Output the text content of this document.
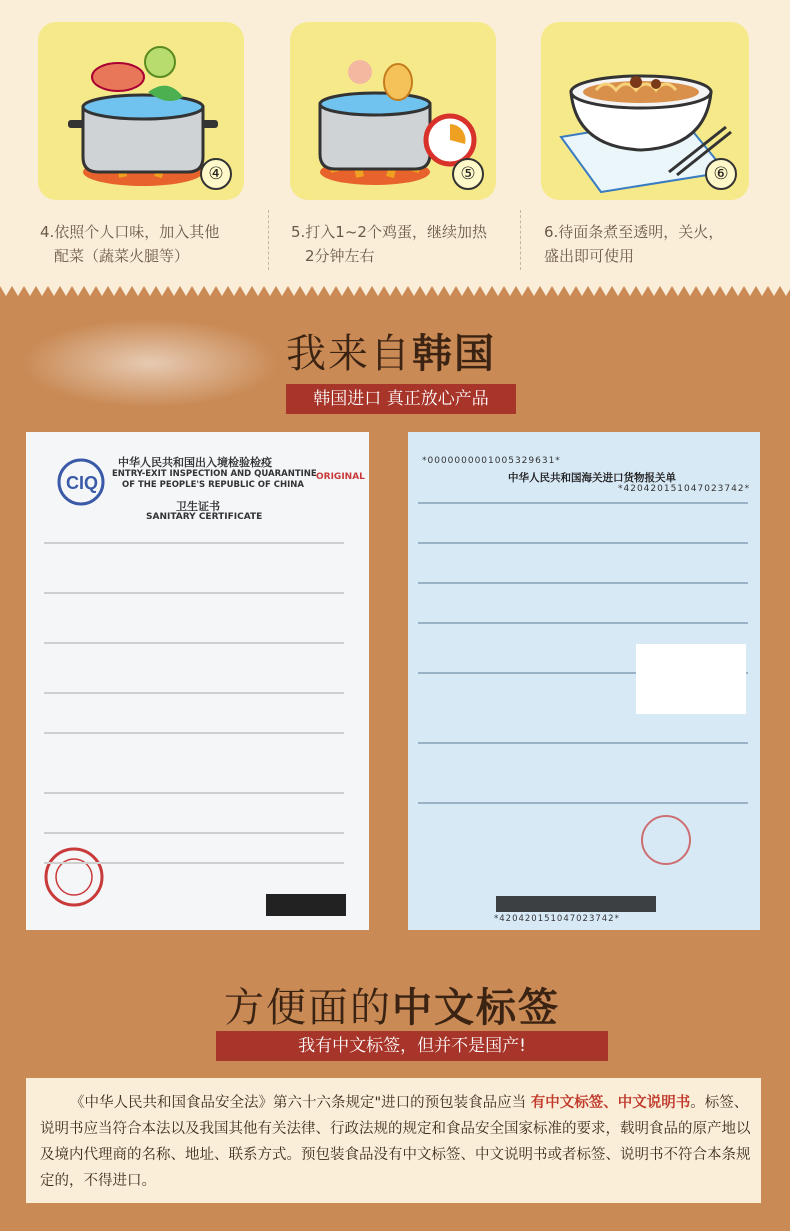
④	⑤	⑥
4.依照个人口味，加入其他
配菜（蔬菜火腿等）
5.打入1~2个鸡蛋，继续加热
2分钟左右
6.待面条煮至透明，关火，
盛出即可使用
我来自韩国
韩国进口 真正放心产品
CIQ
中华人民共和国出入境检验检疫
ENTRY-EXIT INSPECTION AND QUARANTINE
OF THE PEOPLE'S REPUBLIC OF CHINA
ORIGINAL
卫生证书
SANITARY CERTIFICATE
*000000000100532963​1*
中华人民共和国海关进口货物报关单
*420420151047023742*
*420420151047023742*
方便面的中文标签
我有中文标签，但并不是国产!
《中华人民共和国食品安全法》第六十六条规定"进口的预包装食品应当 有中文标签、中文说明书。标签、说明书应当符合本法以及我国其他有关法律、行政法规的规定和食品安全国家标准的要求，载明食品的原产地以及境内代理商的名称、地址、联系方式。预包装食品没有中文标签、中文说明书或者标签、说明书不符合本条规定的，不得进口。
